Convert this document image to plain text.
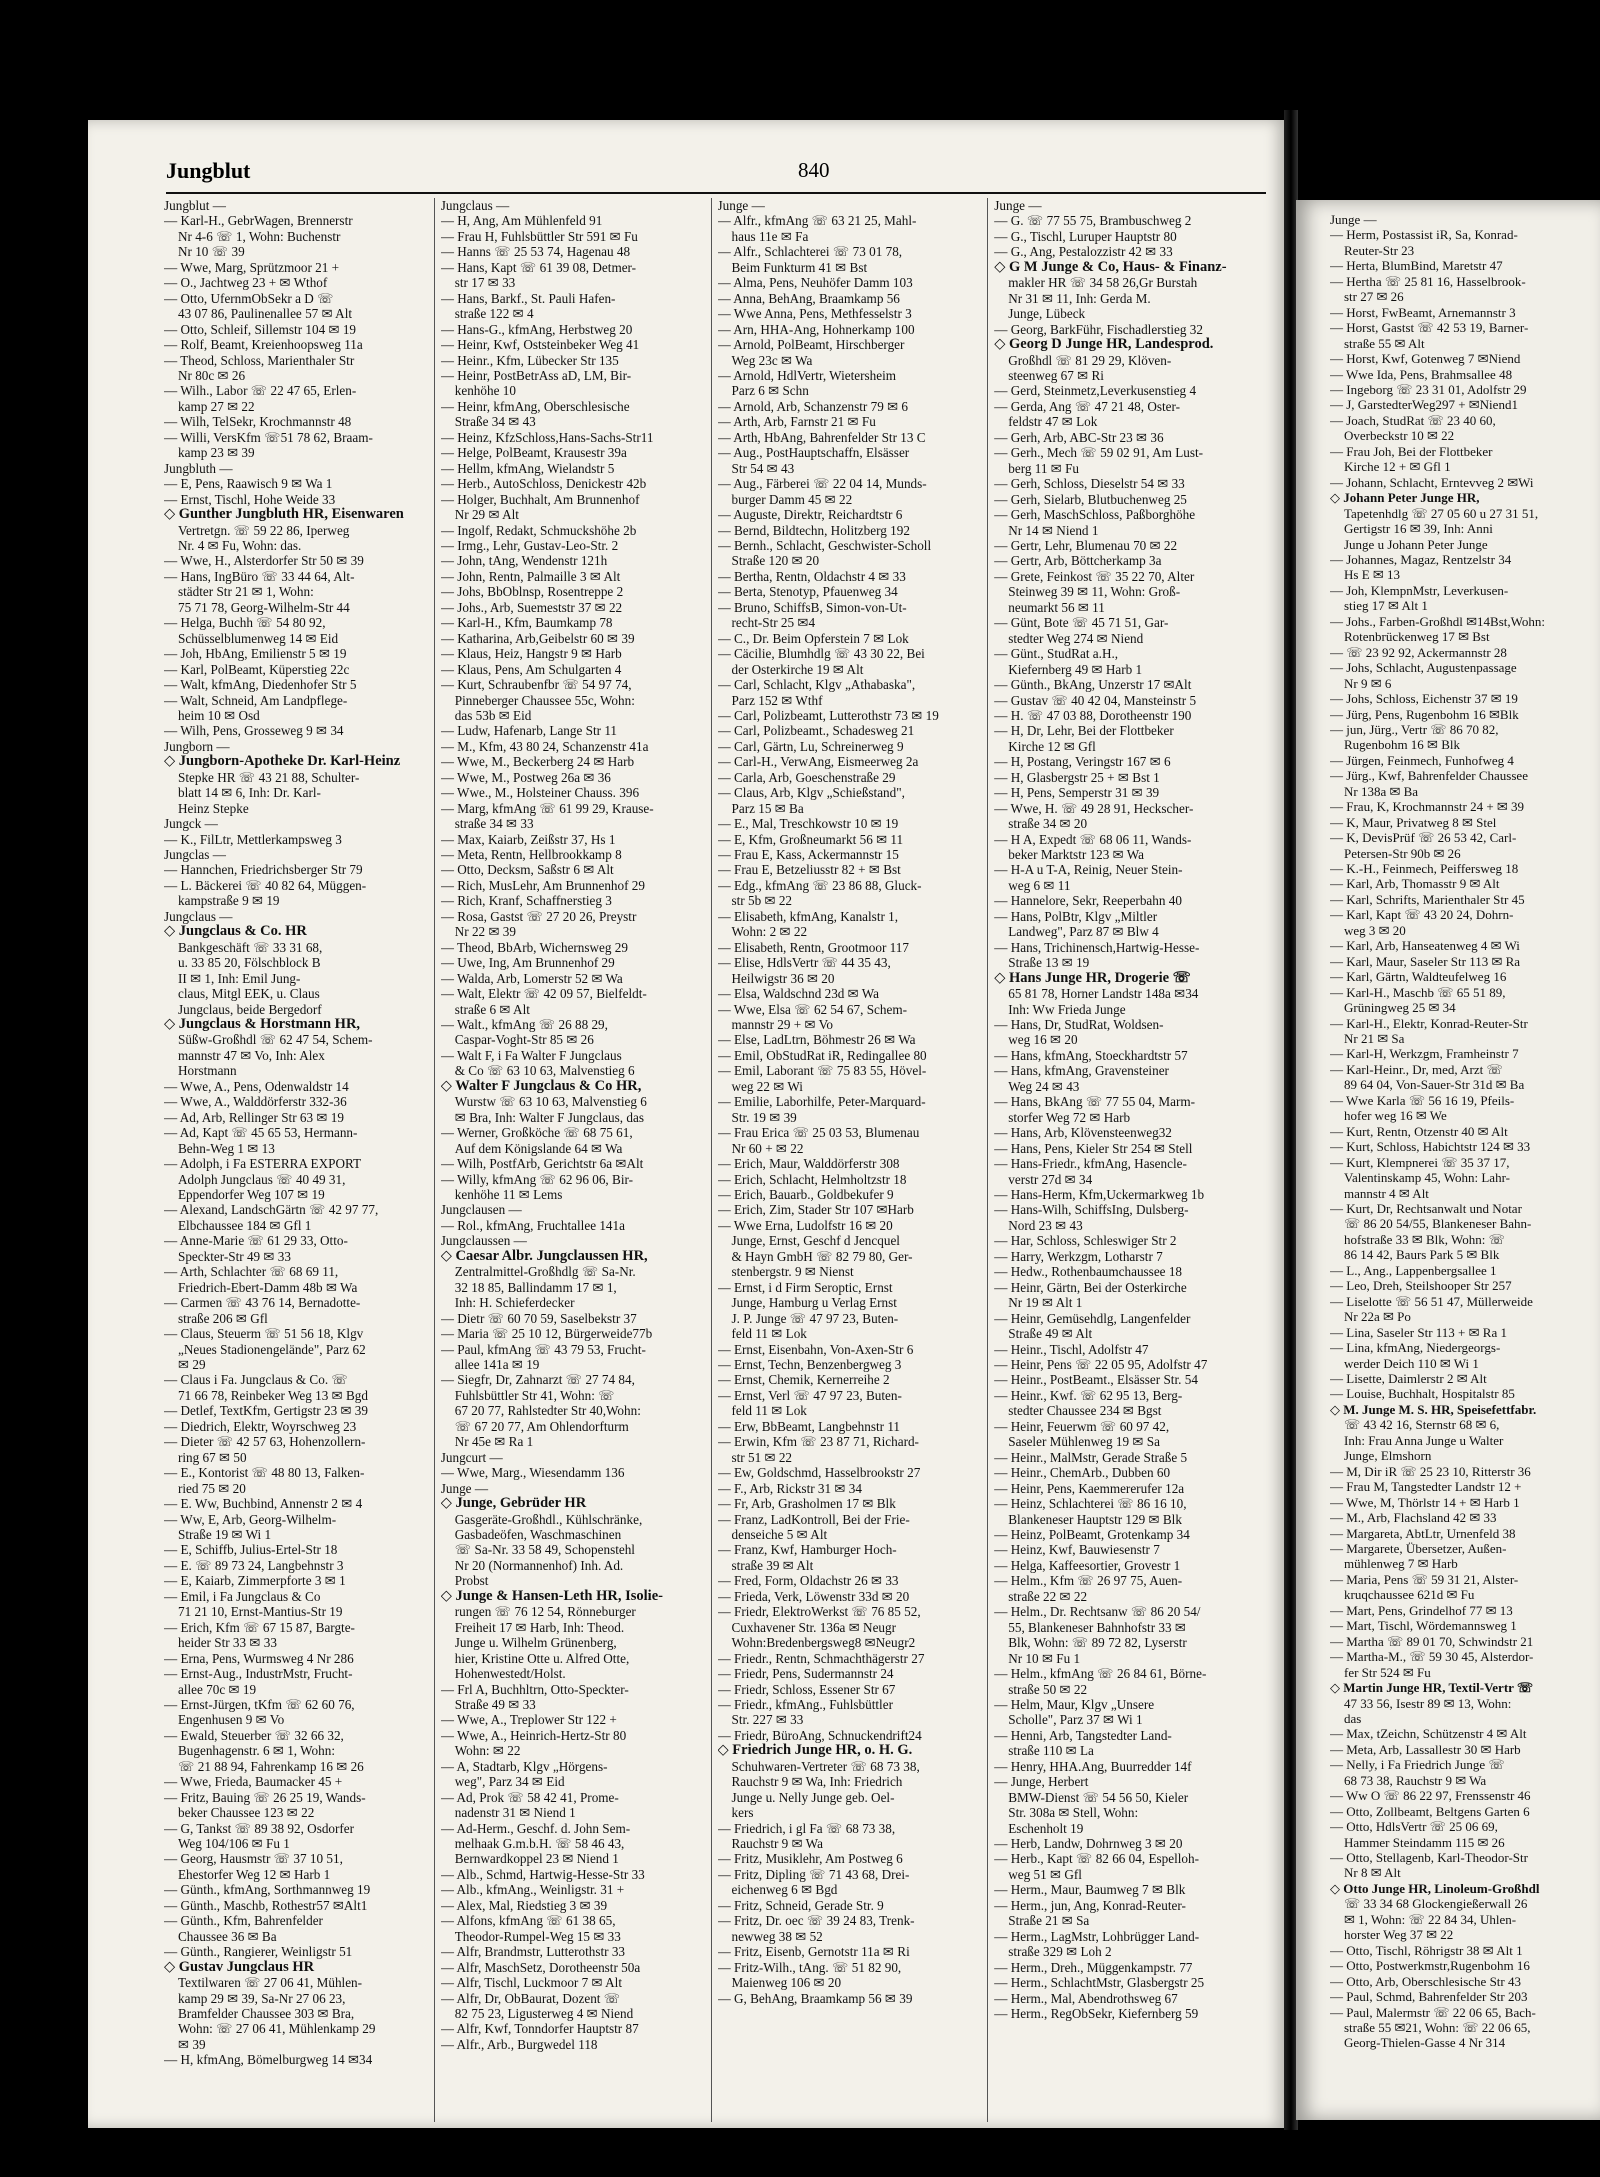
Jungblut	840
Jungblut —
— Karl-H., GebrWagen, Brennerstr
Nr 4-6 ☏ 1, Wohn: Buchenstr
Nr 10 ☏ 39
— Wwe, Marg, Sprützmoor 21 +
— O., Jachtweg 23 + ✉ Wthof
— Otto, UfernmObSekr a D ☏
43 07 86, Paulinenallee 57 ✉ Alt
— Otto, Schleif, Sillemstr 104 ✉ 19
— Rolf, Beamt, Kreienhoopsweg 11a
— Theod, Schloss, Marienthaler Str
Nr 80c ✉ 26
— Wilh., Labor ☏ 22 47 65, Erlen-
kamp 27 ✉ 22
— Wilh, TelSekr, Krochmannstr 48
— Willi, VersKfm ☏51 78 62, Braam-
kamp 23 ✉ 39
Jungbluth —
— E, Pens, Raawisch 9 ✉ Wa 1
— Ernst, Tischl, Hohe Weide 33
◇ Gunther Jungbluth HR, Eisenwaren
Vertretgn. ☏ 59 22 86, Iperweg
Nr. 4 ✉ Fu, Wohn: das.
— Wwe, H., Alsterdorfer Str 50 ✉ 39
— Hans, IngBüro ☏ 33 44 64, Alt-
städter Str 21 ✉ 1, Wohn:
75 71 78, Georg-Wilhelm-Str 44
— Helga, Buchh ☏ 54 80 92,
Schüsselblumenweg 14 ✉ Eid
— Joh, HbAng, Emilienstr 5 ✉ 19
— Karl, PolBeamt, Küperstieg 22c
— Walt, kfmAng, Diedenhofer Str 5
— Walt, Schneid, Am Landpflege-
heim 10 ✉ Osd
— Wilh, Pens, Grosseweg 9 ✉ 34
Jungborn —
◇ Jungborn-Apotheke Dr. Karl-Heinz
Stepke HR ☏ 43 21 88, Schulter-
blatt 14 ✉ 6, Inh: Dr. Karl-
Heinz Stepke
Jungck —
— K., FilLtr, Mettlerkampsweg 3
Jungclas —
— Hannchen, Friedrichsberger Str 79
— L. Bäckerei ☏ 40 82 64, Müggen-
kampstraße 9 ✉ 19
Jungclaus —
◇ Jungclaus & Co. HR
Bankgeschäft ☏ 33 31 68,
u. 33 85 20, Fölschblock B
II ✉ 1, Inh: Emil Jung-
claus, Mitgl EEK, u. Claus
Jungclaus, beide Bergedorf
◇ Jungclaus & Horstmann HR,
Süßw-Großhdl ☏ 62 47 54, Schem-
mannstr 47 ✉ Vo, Inh: Alex
Horstmann
— Wwe, A., Pens, Odenwaldstr 14
— Wwe, A., Walddörferstr 332-36
— Ad, Arb, Rellinger Str 63 ✉ 19
— Ad, Kapt ☏ 45 65 53, Hermann-
Behn-Weg 1 ✉ 13
— Adolph, i Fa ESTERRA EXPORT
Adolph Jungclaus ☏ 40 49 31,
Eppendorfer Weg 107 ✉ 19
— Alexand, LandschGärtn ☏ 42 97 77,
Elbchaussee 184 ✉ Gfl 1
— Anne-Marie ☏ 61 29 33, Otto-
Speckter-Str 49 ✉ 33
— Arth, Schlachter ☏ 68 69 11,
Friedrich-Ebert-Damm 48b ✉ Wa
— Carmen ☏ 43 76 14, Bernadotte-
straße 206 ✉ Gfl
— Claus, Steuerm ☏ 51 56 18, Klgv
„Neues Stadionengelände", Parz 62
✉ 29
— Claus i Fa. Jungclaus & Co. ☏
71 66 78, Reinbeker Weg 13 ✉ Bgd
— Detlef, TextKfm, Gertigstr 23 ✉ 39
— Diedrich, Elektr, Woyrschweg 23
— Dieter ☏ 42 57 63, Hohenzollern-
ring 67 ✉ 50
— E., Kontorist ☏ 48 80 13, Falken-
ried 75 ✉ 20
— E. Ww, Buchbind, Annenstr 2 ✉ 4
— Ww, E, Arb, Georg-Wilhelm-
Straße 19 ✉ Wi 1
— E, Schiffb, Julius-Ertel-Str 18
— E. ☏ 89 73 24, Langbehnstr 3
— E, Kaiarb, Zimmerpforte 3 ✉ 1
— Emil, i Fa Jungclaus & Co
71 21 10, Ernst-Mantius-Str 19
— Erich, Kfm ☏ 67 15 87, Bargte-
heider Str 33 ✉ 33
— Erna, Pens, Wurmsweg 4 Nr 286
— Ernst-Aug., IndustrMstr, Frucht-
allee 70c ✉ 19
— Ernst-Jürgen, tKfm ☏ 62 60 76,
Engenhusen 9 ✉ Vo
— Ewald, Steuerber ☏ 32 66 32,
Bugenhagenstr. 6 ✉ 1, Wohn:
☏ 21 88 94, Fahrenkamp 16 ✉ 26
— Wwe, Frieda, Baumacker 45 +
— Fritz, Bauing ☏ 26 25 19, Wands-
beker Chaussee 123 ✉ 22
— G, Tankst ☏ 89 38 92, Osdorfer
Weg 104/106 ✉ Fu 1
— Georg, Hausmstr ☏ 37 10 51,
Ehestorfer Weg 12 ✉ Harb 1
— Günth., kfmAng, Sorthmannweg 19
— Günth., Maschb, Rothestr57 ✉Alt1
— Günth., Kfm, Bahrenfelder
Chaussee 36 ✉ Ba
— Günth., Rangierer, Weinligstr 51
◇ Gustav Jungclaus HR
Textilwaren ☏ 27 06 41, Mühlen-
kamp 29 ✉ 39, Sa-Nr 27 06 23,
Bramfelder Chaussee 303 ✉ Bra,
Wohn: ☏ 27 06 41, Mühlenkamp 29
✉ 39
— H, kfmAng, Bömelburgweg 14 ✉34
Jungclaus —
— H, Ang, Am Mühlenfeld 91
— Frau H, Fuhlsbüttler Str 591 ✉ Fu
— Hanns ☏ 25 53 74, Hagenau 48
— Hans, Kapt ☏ 61 39 08, Detmer-
str 17 ✉ 33
— Hans, Barkf., St. Pauli Hafen-
straße 122 ✉ 4
— Hans-G., kfmAng, Herbstweg 20
— Heinr, Kwf, Oststeinbeker Weg 41
— Heinr., Kfm, Lübecker Str 135
— Heinr, PostBetrAss aD, LM, Bir-
kenhöhe 10
— Heinr, kfmAng, Oberschlesische
Straße 34 ✉ 43
— Heinz, KfzSchloss,Hans-Sachs-Str11
— Helge, PolBeamt, Krausestr 39a
— Hellm, kfmAng, Wielandstr 5
— Herb., AutoSchloss, Denickestr 42b
— Holger, Buchhalt, Am Brunnenhof
Nr 29 ✉ Alt
— Ingolf, Redakt, Schmuckshöhe 2b
— Irmg., Lehr, Gustav-Leo-Str. 2
— John, tAng, Wendenstr 121h
— John, Rentn, Palmaille 3 ✉ Alt
— Johs, BbOblnsp, Rosentreppe 2
— Johs., Arb, Suemeststr 37 ✉ 22
— Karl-H., Kfm, Baumkamp 78
— Katharina, Arb,Geibelstr 60 ✉ 39
— Klaus, Heiz, Hangstr 9 ✉ Harb
— Klaus, Pens, Am Schulgarten 4
— Kurt, Schraubenfbr ☏ 54 97 74,
Pinneberger Chaussee 55c, Wohn:
das 53b ✉ Eid
— Ludw, Hafenarb, Lange Str 11
— M., Kfm, 43 80 24, Schanzenstr 41a
— Wwe, M., Beckerberg 24 ✉ Harb
— Wwe, M., Postweg 26a ✉ 36
— Wwe., M., Holsteiner Chauss. 396
— Marg, kfmAng ☏ 61 99 29, Krause-
straße 34 ✉ 33
— Max, Kaiarb, Zeißstr 37, Hs 1
— Meta, Rentn, Hellbrookkamp 8
— Otto, Decksm, Saßstr 6 ✉ Alt
— Rich, MusLehr, Am Brunnenhof 29
— Rich, Kranf, Schaffnerstieg 3
— Rosa, Gastst ☏ 27 20 26, Preystr
Nr 22 ✉ 39
— Theod, BbArb, Wichernsweg 29
— Uwe, Ing, Am Brunnenhof 29
— Walda, Arb, Lomerstr 52 ✉ Wa
— Walt, Elektr ☏ 42 09 57, Bielfeldt-
straße 6 ✉ Alt
— Walt., kfmAng ☏ 26 88 29,
Caspar-Voght-Str 85 ✉ 26
— Walt F, i Fa Walter F Jungclaus
& Co ☏ 63 10 63, Malvenstieg 6
◇ Walter F Jungclaus & Co HR,
Wurstw ☏ 63 10 63, Malvenstieg 6
✉ Bra, Inh: Walter F Jungclaus, das
— Werner, Großköche ☏ 68 75 61,
Auf dem Königslande 64 ✉ Wa
— Wilh, PostfArb, Gerichtstr 6a ✉Alt
— Willy, kfmAng ☏ 62 96 06, Bir-
kenhöhe 11 ✉ Lems
Jungclausen —
— Rol., kfmAng, Fruchtallee 141a
Jungclaussen —
◇ Caesar Albr. Jungclaussen HR,
Zentralmittel-Großhdlg ☏ Sa-Nr.
32 18 85, Ballindamm 17 ✉ 1,
Inh: H. Schieferdecker
— Dietr ☏ 60 70 59, Saselbekstr 37
— Maria ☏ 25 10 12, Bürgerweide77b
— Paul, kfmAng ☏ 43 79 53, Frucht-
allee 141a ✉ 19
— Siegfr, Dr, Zahnarzt ☏ 27 74 84,
Fuhlsbüttler Str 41, Wohn: ☏
67 20 77, Rahlstedter Str 40,Wohn:
☏ 67 20 77, Am Ohlendorfturm
Nr 45e ✉ Ra 1
Jungcurt —
— Wwe, Marg., Wiesendamm 136
Junge —
◇ Junge, Gebrüder HR
Gasgeräte-Großhdl., Kühlschränke,
Gasbadeöfen, Waschmaschinen
☏ Sa-Nr. 33 58 49, Schopenstehl
Nr 20 (Normannenhof) Inh. Ad.
Probst
◇ Junge & Hansen-Leth HR, Isolie-
rungen ☏ 76 12 54, Rönneburger
Freiheit 17 ✉ Harb, Inh: Theod.
Junge u. Wilhelm Grünenberg,
hier, Kristine Otte u. Alfred Otte,
Hohenwestedt/Holst.
— Frl A, Buchhltrn, Otto-Speckter-
Straße 49 ✉ 33
— Wwe, A., Treplower Str 122 +
— Wwe, A., Heinrich-Hertz-Str 80
Wohn: ✉ 22
— A, Stadtarb, Klgv „Hörgens-
weg", Parz 34 ✉ Eid
— Ad, Prok ☏ 58 42 41, Prome-
nadenstr 31 ✉ Niend 1
— Ad-Herm., Geschf. d. John Sem-
melhaak G.m.b.H. ☏ 58 46 43,
Bernwardkoppel 23 ✉ Niend 1
— Alb., Schmd, Hartwig-Hesse-Str 33
— Alb., kfmAng., Weinligstr. 31 +
— Alex, Mal, Riedstieg 3 ✉ 39
— Alfons, kfmAng ☏ 61 38 65,
Theodor-Rumpel-Weg 15 ✉ 33
— Alfr, Brandmstr, Lutterothstr 33
— Alfr, MaschSetz, Dorotheenstr 50a
— Alfr, Tischl, Luckmoor 7 ✉ Alt
— Alfr, Dr, ObBaurat, Dozent ☏
82 75 23, Ligusterweg 4 ✉ Niend
— Alfr, Kwf, Tonndorfer Hauptstr 87
— Alfr., Arb., Burgwedel 118
Junge —
— Alfr., kfmAng ☏ 63 21 25, Mahl-
haus 11e ✉ Fa
— Alfr., Schlachterei ☏ 73 01 78,
Beim Funkturm 41 ✉ Bst
— Alma, Pens, Neuhöfer Damm 103
— Anna, BehAng, Braamkamp 56
— Wwe Anna, Pens, Methfesselstr 3
— Arn, HHA-Ang, Hohnerkamp 100
— Arnold, PolBeamt, Hirschberger
Weg 23c ✉ Wa
— Arnold, HdlVertr, Wietersheim
Parz 6 ✉ Schn
— Arnold, Arb, Schanzenstr 79 ✉ 6
— Arth, Arb, Farnstr 21 ✉ Fu
— Arth, HbAng, Bahrenfelder Str 13 C
— Aug., PostHauptschaffn, Elsässer
Str 54 ✉ 43
— Aug., Färberei ☏ 22 04 14, Munds-
burger Damm 45 ✉ 22
— Auguste, Direktr, Reichardtstr 6
— Bernd, Bildtechn, Holitzberg 192
— Bernh., Schlacht, Geschwister-Scholl
Straße 120 ✉ 20
— Bertha, Rentn, Oldachstr 4 ✉ 33
— Berta, Stenotyp, Pfauenweg 34
— Bruno, SchiffsB, Simon-von-Ut-
recht-Str 25 ✉4
— C., Dr. Beim Opferstein 7 ✉ Lok
— Cäcilie, Blumhdlg ☏ 43 30 22, Bei
der Osterkirche 19 ✉ Alt
— Carl, Schlacht, Klgv „Athabaska",
Parz 152 ✉ Wthf
— Carl, Polizbeamt, Lutterothstr 73 ✉ 19
— Carl, Polizbeamt., Schadesweg 21
— Carl, Gärtn, Lu, Schreinerweg 9
— Carl-H., VerwAng, Eismeerweg 2a
— Carla, Arb, Goeschenstraße 29
— Claus, Arb, Klgv „Schießstand",
Parz 15 ✉ Ba
— E., Mal, Treschkowstr 10 ✉ 19
— E, Kfm, Großneumarkt 56 ✉ 11
— Frau E, Kass, Ackermannstr 15
— Frau E, Betzeliusstr 82 + ✉ Bst
— Edg., kfmAng ☏ 23 86 88, Gluck-
str 5b ✉ 22
— Elisabeth, kfmAng, Kanalstr 1,
Wohn: 2 ✉ 22
— Elisabeth, Rentn, Grootmoor 117
— Elise, HdlsVertr ☏ 44 35 43,
Heilwigstr 36 ✉ 20
— Elsa, Waldschnd 23d ✉ Wa
— Wwe, Elsa ☏ 62 54 67, Schem-
mannstr 29 + ✉ Vo
— Else, LadLtrn, Böhmestr 26 ✉ Wa
— Emil, ObStudRat iR, Redingallee 80
— Emil, Laborant ☏ 75 83 55, Hövel-
weg 22 ✉ Wi
— Emilie, Laborhilfe, Peter-Marquard-
Str. 19 ✉ 39
— Frau Erica ☏ 25 03 53, Blumenau
Nr 60 + ✉ 22
— Erich, Maur, Walddörferstr 308
— Erich, Schlacht, Helmholtzstr 18
— Erich, Bauarb., Goldbekufer 9
— Erich, Zim, Stader Str 107 ✉Harb
— Wwe Erna, Ludolfstr 16 ✉ 20
Junge, Ernst, Geschf d Jencquel
& Hayn GmbH ☏ 82 79 80, Ger-
stenbergstr. 9 ✉ Nienst
— Ernst, i d Firm Seroptic, Ernst
Junge, Hamburg u Verlag Ernst
J. P. Junge ☏ 47 97 23, Buten-
feld 11 ✉ Lok
— Ernst, Eisenbahn, Von-Axen-Str 6
— Ernst, Techn, Benzenbergweg 3
— Ernst, Chemik, Kernerreihe 2
— Ernst, Verl ☏ 47 97 23, Buten-
feld 11 ✉ Lok
— Erw, BbBeamt, Langbehnstr 11
— Erwin, Kfm ☏ 23 87 71, Richard-
str 51 ✉ 22
— Ew, Goldschmd, Hasselbrookstr 27
— F., Arb, Rickstr 31 ✉ 34
— Fr, Arb, Grasholmen 17 ✉ Blk
— Franz, LadKontroll, Bei der Frie-
denseiche 5 ✉ Alt
— Franz, Kwf, Hamburger Hoch-
straße 39 ✉ Alt
— Fred, Form, Oldachstr 26 ✉ 33
— Frieda, Verk, Löwenstr 33d ✉ 20
— Friedr, ElektroWerkst ☏ 76 85 52,
Cuxhavener Str. 136a ✉ Neugr
Wohn:Bredenbergsweg8 ✉Neugr2
— Friedr., Rentn, Schmachthägerstr 27
— Friedr, Pens, Sudermannstr 24
— Friedr, Schloss, Essener Str 67
— Friedr., kfmAng., Fuhlsbüttler
Str. 227 ✉ 33
— Friedr, BüroAng, Schnuckendrift24
◇ Friedrich Junge HR, o. H. G.
Schuhwaren-Vertreter ☏ 68 73 38,
Rauchstr 9 ✉ Wa, Inh: Friedrich
Junge u. Nelly Junge geb. Oel-
kers
— Friedrich, i gl Fa ☏ 68 73 38,
Rauchstr 9 ✉ Wa
— Fritz, Musiklehr, Am Postweg 6
— Fritz, Dipling ☏ 71 43 68, Drei-
eichenweg 6 ✉ Bgd
— Fritz, Schneid, Gerade Str. 9
— Fritz, Dr. oec ☏ 39 24 83, Trenk-
newweg 38 ✉ 52
— Fritz, Eisenb, Gernotstr 11a ✉ Ri
— Fritz-Wilh., tAng. ☏ 51 82 90,
Maienweg 106 ✉ 20
— G, BehAng, Braamkamp 56 ✉ 39
Junge —
— G. ☏ 77 55 75, Brambuschweg 2
— G., Tischl, Luruper Hauptstr 80
— G., Ang, Pestalozzistr 42 ✉ 33
◇ G M Junge & Co, Haus- & Finanz-
makler HR ☏ 34 58 26,Gr Burstah
Nr 31 ✉ 11, Inh: Gerda M.
Junge, Lübeck
— Georg, BarkFühr, Fischadlerstieg 32
◇ Georg D Junge HR, Landesprod.
Großhdl ☏ 81 29 29, Klöven-
steenweg 67 ✉ Ri
— Gerd, Steinmetz,Leverkusenstieg 4
— Gerda, Ang ☏ 47 21 48, Oster-
feldstr 47 ✉ Lok
— Gerh, Arb, ABC-Str 23 ✉ 36
— Gerh., Mech ☏ 59 02 91, Am Lust-
berg 11 ✉ Fu
— Gerh, Schloss, Dieselstr 54 ✉ 33
— Gerh, Sielarb, Blutbuchenweg 25
— Gerh, MaschSchloss, Paßborghöhe
Nr 14 ✉ Niend 1
— Gertr, Lehr, Blumenau 70 ✉ 22
— Gertr, Arb, Böttcherkamp 3a
— Grete, Feinkost ☏ 35 22 70, Alter
Steinweg 39 ✉ 11, Wohn: Groß-
neumarkt 56 ✉ 11
— Günt, Bote ☏ 45 71 51, Gar-
stedter Weg 274 ✉ Niend
— Günt., StudRat a.H.,
Kiefernberg 49 ✉ Harb 1
— Günth., BkAng, Unzerstr 17 ✉Alt
— Gustav ☏ 40 42 04, Mansteinstr 5
— H. ☏ 47 03 88, Dorotheenstr 190
— H, Dr, Lehr, Bei der Flottbeker
Kirche 12 ✉ Gfl
— H, Postang, Veringstr 167 ✉ 6
— H, Glasbergstr 25 + ✉ Bst 1
— H, Pens, Semperstr 31 ✉ 39
— Wwe, H. ☏ 49 28 91, Heckscher-
straße 34 ✉ 20
— H A, Expedt ☏ 68 06 11, Wands-
beker Marktstr 123 ✉ Wa
— H-A u T-A, Reinig, Neuer Stein-
weg 6 ✉ 11
— Hannelore, Sekr, Reeperbahn 40
— Hans, PolBtr, Klgv „Miltler
Landweg", Parz 87 ✉ Blw 4
— Hans, Trichinensch,Hartwig-Hesse-
Straße 13 ✉ 19
◇ Hans Junge HR, Drogerie ☏
65 81 78, Horner Landstr 148a ✉34
Inh: Ww Frieda Junge
— Hans, Dr, StudRat, Woldsen-
weg 16 ✉ 20
— Hans, kfmAng, Stoeckhardtstr 57
— Hans, kfmAng, Gravensteiner
Weg 24 ✉ 43
— Hans, BkAng ☏ 77 55 04, Marm-
storfer Weg 72 ✉ Harb
— Hans, Arb, Klövensteenweg32
— Hans, Pens, Kieler Str 254 ✉ Stell
— Hans-Friedr., kfmAng, Hasencle-
verstr 27d ✉ 34
— Hans-Herm, Kfm,Uckermarkweg 1b
— Hans-Wilh, SchiffsIng, Dulsberg-
Nord 23 ✉ 43
— Har, Schloss, Schleswiger Str 2
— Harry, Werkzgm, Lotharstr 7
— Hedw., Rothenbaumchaussee 18
— Heinr, Gärtn, Bei der Osterkirche
Nr 19 ✉ Alt 1
— Heinr, Gemüsehdlg, Langenfelder
Straße 49 ✉ Alt
— Heinr., Tischl, Adolfstr 47
— Heinr, Pens ☏ 22 05 95, Adolfstr 47
— Heinr., PostBeamt., Elsässer Str. 54
— Heinr., Kwf. ☏ 62 95 13, Berg-
stedter Chaussee 234 ✉ Bgst
— Heinr, Feuerwm ☏ 60 97 42,
Saseler Mühlenweg 19 ✉ Sa
— Heinr., MalMstr, Gerade Straße 5
— Heinr., ChemArb., Dubben 60
— Heinr, Pens, Kaemmererufer 12a
— Heinz, Schlachterei ☏ 86 16 10,
Blankeneser Hauptstr 129 ✉ Blk
— Heinz, PolBeamt, Grotenkamp 34
— Heinz, Kwf, Bauwiesenstr 7
— Helga, Kaffeesortier, Grovestr 1
— Helm., Kfm ☏ 26 97 75, Auen-
straße 22 ✉ 22
— Helm., Dr. Rechtsanw ☏ 86 20 54/
55, Blankeneser Bahnhofstr 33 ✉
Blk, Wohn: ☏ 89 72 82, Lyserstr
Nr 10 ✉ Fu 1
— Helm., kfmAng ☏ 26 84 61, Börne-
straße 50 ✉ 22
— Helm, Maur, Klgv „Unsere
Scholle", Parz 37 ✉ Wi 1
— Henni, Arb, Tangstedter Land-
straße 110 ✉ La
— Henry, HHA.Ang, Buurredder 14f
— Junge, Herbert
BMW-Dienst ☏ 54 56 50, Kieler
Str. 308a ✉ Stell, Wohn:
Eschenholt 19
— Herb, Landw, Dohrnweg 3 ✉ 20
— Herb., Kapt ☏ 82 66 04, Espelloh-
weg 51 ✉ Gfl
— Herm., Maur, Baumweg 7 ✉ Blk
— Herm., jun, Ang, Konrad-Reuter-
Straße 21 ✉ Sa
— Herm., LagMstr, Lohbrügger Land-
straße 329 ✉ Loh 2
— Herm., Dreh., Müggenkampstr. 77
— Herm., SchlachtMstr, Glasbergstr 25
— Herm., Mal, Abendrothsweg 67
— Herm., RegObSekr, Kiefernberg 59
Junge —
— Herm, Postassist iR, Sa, Konrad-
Reuter-Str 23
— Herta, BlumBind, Maretstr 47
— Hertha ☏ 25 81 16, Hasselbrook-
str 27 ✉ 26
— Horst, FwBeamt, Arnemannstr 3
— Horst, Gastst ☏ 42 53 19, Barner-
straße 55 ✉ Alt
— Horst, Kwf, Gotenweg 7 ✉Niend
— Wwe Ida, Pens, Brahmsallee 48
— Ingeborg ☏ 23 31 01, Adolfstr 29
— J, GarstedterWeg297 + ✉Niend1
— Joach, StudRat ☏ 23 40 60,
Overbeckstr 10 ✉ 22
— Frau Joh, Bei der Flottbeker
Kirche 12 + ✉ Gfl 1
— Johann, Schlacht, Erntevveg 2 ✉Wi
◇ Johann Peter Junge HR,
Tapetenhdlg ☏ 27 05 60 u 27 31 51,
Gertigstr 16 ✉ 39, Inh: Anni
Junge u Johann Peter Junge
— Johannes, Magaz, Rentzelstr 34
Hs E ✉ 13
— Joh, KlempnMstr, Leverkusen-
stieg 17 ✉ Alt 1
— Johs., Farben-Großhdl ✉14Bst,Wohn:
Rotenbrückenweg 17 ✉ Bst
— ☏ 23 92 92, Ackermannstr 28
— Johs, Schlacht, Augustenpassage
Nr 9 ✉ 6
— Johs, Schloss, Eichenstr 37 ✉ 19
— Jürg, Pens, Rugenbohm 16 ✉Blk
— jun, Jürg., Vertr ☏ 86 70 82,
Rugenbohm 16 ✉ Blk
— Jürgen, Feinmech, Funhofweg 4
— Jürg., Kwf, Bahrenfelder Chaussee
Nr 138a ✉ Ba
— Frau, K, Krochmannstr 24 + ✉ 39
— K, Maur, Privatweg 8 ✉ Stel
— K, DevisPrüf ☏ 26 53 42, Carl-
Petersen-Str 90b ✉ 26
— K.-H., Feinmech, Peiffersweg 18
— Karl, Arb, Thomasstr 9 ✉ Alt
— Karl, Schrifts, Marienthaler Str 45
— Karl, Kapt ☏ 43 20 24, Dohrn-
weg 3 ✉ 20
— Karl, Arb, Hanseatenweg 4 ✉ Wi
— Karl, Maur, Saseler Str 113 ✉ Ra
— Karl, Gärtn, Waldteufelweg 16
— Karl-H., Maschb ☏ 65 51 89,
Grüningweg 25 ✉ 34
— Karl-H., Elektr, Konrad-Reuter-Str
Nr 21 ✉ Sa
— Karl-H, Werkzgm, Framheinstr 7
— Karl-Heinr., Dr, med, Arzt ☏
89 64 04, Von-Sauer-Str 31d ✉ Ba
— Wwe Karla ☏ 56 16 19, Pfeils-
hofer weg 16 ✉ We
— Kurt, Rentn, Otzenstr 40 ✉ Alt
— Kurt, Schloss, Habichtstr 124 ✉ 33
— Kurt, Klempnerei ☏ 35 37 17,
Valentinskamp 45, Wohn: Lahr-
mannstr 4 ✉ Alt
— Kurt, Dr, Rechtsanwalt und Notar
☏ 86 20 54/55, Blankeneser Bahn-
hofstraße 33 ✉ Blk, Wohn: ☏
86 14 42, Baurs Park 5 ✉ Blk
— L., Ang., Lappenbergsallee 1
— Leo, Dreh, Steilshooper Str 257
— Liselotte ☏ 56 51 47, Müllerweide
Nr 22a ✉ Po
— Lina, Saseler Str 113 + ✉ Ra 1
— Lina, kfmAng, Niedergeorgs-
werder Deich 110 ✉ Wi 1
— Lisette, Daimlerstr 2 ✉ Alt
— Louise, Buchhalt, Hospitalstr 85
◇ M. Junge M. S. HR, Speisefettfabr.
☏ 43 42 16, Sternstr 68 ✉ 6,
Inh: Frau Anna Junge u Walter
Junge, Elmshorn
— M, Dir iR ☏ 25 23 10, Ritterstr 36
— Frau M, Tangstedter Landstr 12 +
— Wwe, M, Thörlstr 14 + ✉ Harb 1
— M., Arb, Flachsland 42 ✉ 33
— Margareta, AbtLtr, Urnenfeld 38
— Margarete, Übersetzer, Außen-
mühlenweg 7 ✉ Harb
— Maria, Pens ☏ 59 31 21, Alster-
kruqchaussee 621d ✉ Fu
— Mart, Pens, Grindelhof 77 ✉ 13
— Mart, Tischl, Wördemannsweg 1
— Martha ☏ 89 01 70, Schwindstr 21
— Martha-M., ☏ 59 30 45, Alsterdor-
fer Str 524 ✉ Fu
◇ Martin Junge HR, Textil-Vertr ☏
47 33 56, Isestr 89 ✉ 13, Wohn:
das
— Max, tZeichn, Schützenstr 4 ✉ Alt
— Meta, Arb, Lassallestr 30 ✉ Harb
— Nelly, i Fa Friedrich Junge ☏
68 73 38, Rauchstr 9 ✉ Wa
— Ww O ☏ 86 22 97, Frenssenstr 46
— Otto, Zollbeamt, Beltgens Garten 6
— Otto, HdlsVertr ☏ 25 06 69,
Hammer Steindamm 115 ✉ 26
— Otto, Stellagenb, Karl-Theodor-Str
Nr 8 ✉ Alt
◇ Otto Junge HR, Linoleum-Großhdl
☏ 33 34 68 Glockengießerwall 26
✉ 1, Wohn: ☏ 22 84 34, Uhlen-
horster Weg 37 ✉ 22
— Otto, Tischl, Röhrigstr 38 ✉ Alt 1
— Otto, Postwerkmstr,Rugenbohm 16
— Otto, Arb, Oberschlesische Str 43
— Paul, Schmd, Bahrenfelder Str 203
— Paul, Malermstr ☏ 22 06 65, Bach-
straße 55 ✉21, Wohn: ☏ 22 06 65,
Georg-Thielen-Gasse 4 Nr 314
